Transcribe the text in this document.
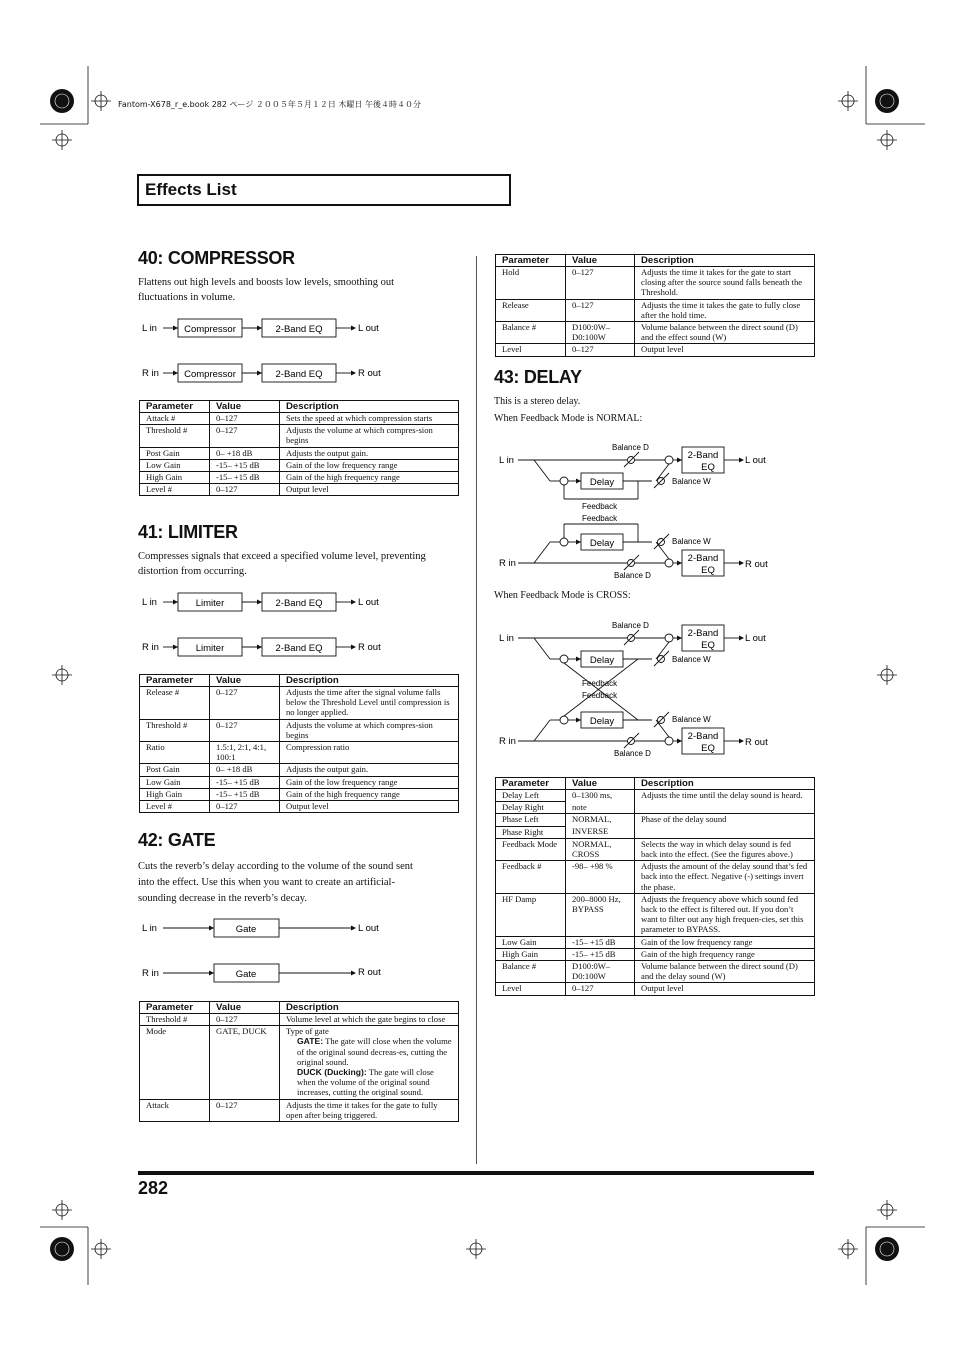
Fantom-X678_r_e.book 282 ページ ２００５年５月１２日 木曜日 午後４時４０分
Effects List
40: COMPRESSOR

Flattens out high levels and boosts low levels, smoothing out

fluctuations in volume.

L in
R in
Compressor	2-Band EQ
Compressor	2-Band EQ
L out
R out
Parameter	Value	Description
Attack #	0–127	Sets the speed at which compression starts
Threshold #	0–127	Adjusts the volume at which compres-sion begins
Post Gain	0– +18 dB	Adjusts the output gain.
Low Gain	-15– +15 dB	Gain of the low frequency range
High Gain	-15– +15 dB	Gain of the high frequency range
Level #	0–127	Output level
41: LIMITER

Compresses signals that exceed a specified volume level, preventing

distortion from occurring.

L in
R in
Limiter	2-Band EQ
Limiter	2-Band EQ
L out
R out
Parameter	Value	Description
Release #	0–127	Adjusts the time after the signal volume falls below the Threshold Level until compression is no longer applied.
Threshold #	0–127	Adjusts the volume at which compres-sion begins
Ratio	1.5:1, 2:1, 4:1, 100:1	Compression ratio
Post Gain	0– +18 dB	Adjusts the output gain.
Low Gain	-15– +15 dB	Gain of the low frequency range
High Gain	-15– +15 dB	Gain of the high frequency range
Level #	0–127	Output level
42: GATE

Cuts the reverb’s delay according to the volume of the sound sent

into the effect. Use this when you want to create an artificial-

sounding decrease in the reverb’s decay.

L in
R in
Gate
Gate
L out
R out
Parameter	Value	Description
Threshold #	0–127	Volume level at which the gate begins to close
Mode	GATE, DUCK	Type of gate
GATE: The gate will close when the volume of the original sound decreas-es, cutting the original sound.
DUCK (Ducking): The gate will close when the volume of the original sound increases, cutting the original sound.

Attack	0–127	Adjusts the time it takes for the gate to fully open after being triggered.
Parameter	Value	Description
Hold	0–127	Adjusts the time it takes for the gate to start closing after the source sound falls beneath the Threshold.
Release	0–127	Adjusts the time it takes the gate to fully close after the hold time.
Balance #	D100:0W– D0:100W	Volume balance between the direct sound (D) and the effect sound (W)
Level	0–127	Output level
43: DELAY

This is a stereo delay.

When Feedback Mode is NORMAL:

L in
R in
L out
R out
Delay
Delay
2-Band
EQ
2-Band
EQ
Balance D
Balance D
Balance W
Balance W
Feedback
Feedback

When Feedback Mode is CROSS:

L in
R in
L out
R out
Delay
Delay
2-Band
EQ
2-Band
EQ
Balance D
Balance D
Balance W
Balance W
Feedback
Feedback
Parameter	Value	Description
Delay Left	0–1300 ms,	Adjusts the time until the delay sound is heard.
Delay Right	note	
Phase Left	NORMAL,	Phase of the delay sound
Phase Right	INVERSE	
Feedback Mode	NORMAL, CROSS	Selects the way in which delay sound is fed back into the effect. (See the figures above.)
Feedback #	-98– +98 %	Adjusts the amount of the delay sound that’s fed back into the effect. Negative (-) settings invert the phase.
HF Damp	200–8000 Hz, BYPASS	Adjusts the frequency above which sound fed back to the effect is filtered out. If you don’t want to filter out any high frequen-cies, set this parameter to BYPASS.
Low Gain	-15– +15 dB	Gain of the low frequency range
High Gain	-15– +15 dB	Gain of the high frequency range
Balance #	D100:0W– D0:100W	Volume balance between the direct sound (D) and the delay sound (W)
Level	0–127	Output level
282
